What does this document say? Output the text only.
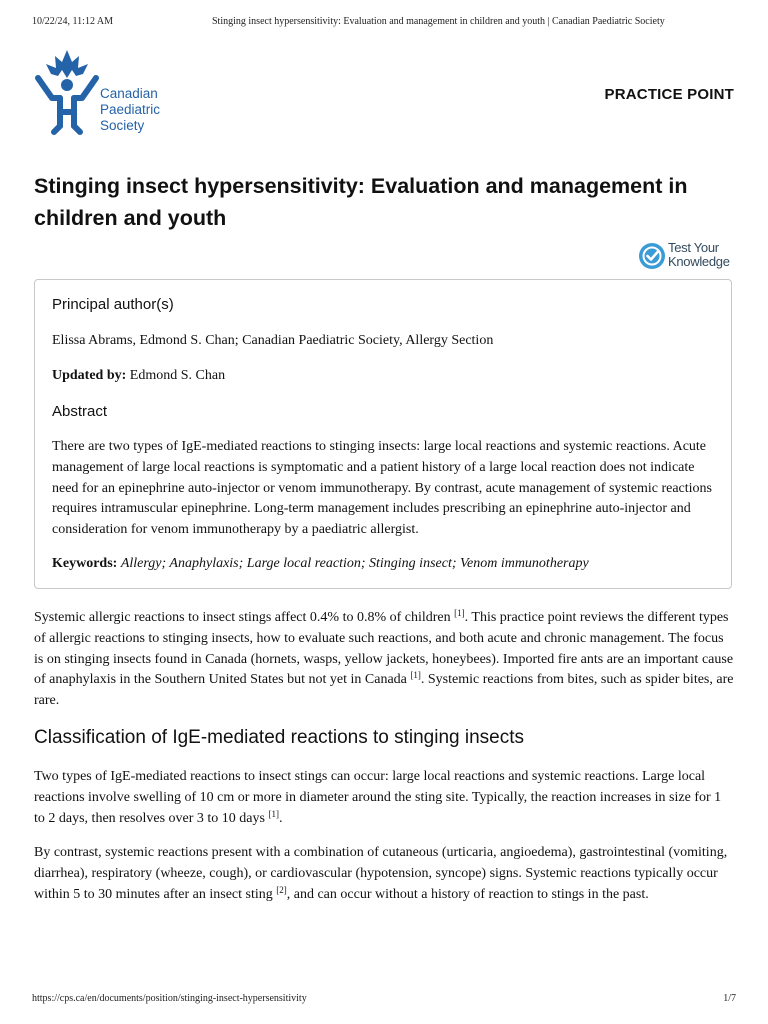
10/22/24, 11:12 AM	Stinging insect hypersensitivity: Evaluation and management in children and youth | Canadian Paediatric Society
Canadian
Paediatric
Society
PRACTICE POINT
Stinging insect hypersensitivity: Evaluation and management in children and youth
Test Your
Knowledge
Principal author(s)
Elissa Abrams, Edmond S. Chan; Canadian Paediatric Society, Allergy Section
Updated by: Edmond S. Chan
Abstract
There are two types of IgE-mediated reactions to stinging insects: large local reactions and systemic reactions. Acute management of large local reactions is symptomatic and a patient history of a large local reaction does not indicate need for an epinephrine auto-injector or venom immunotherapy. By contrast, acute management of systemic reactions requires intramuscular epinephrine. Long-term management includes prescribing an epinephrine auto-injector and consideration for venom immunotherapy by a paediatric allergist.
Keywords: Allergy; Anaphylaxis; Large local reaction; Stinging insect; Venom immunotherapy

Systemic allergic reactions to insect stings affect 0.4% to 0.8% of children [1]. This practice point reviews the different types of allergic reactions to stinging insects, how to evaluate such reactions, and both acute and chronic management. The focus is on stinging insects found in Canada (hornets, wasps, yellow jackets, honeybees). Imported fire ants are an important cause of anaphylaxis in the Southern United States but not yet in Canada [1]. Systemic reactions from bites, such as spider bites, are rare.

Classification of IgE-mediated reactions to stinging insects

Two types of IgE-mediated reactions to insect stings can occur: large local reactions and systemic reactions. Large local reactions involve swelling of 10 cm or more in diameter around the sting site. Typically, the reaction increases in size for 1 to 2 days, then resolves over 3 to 10 days [1].

By contrast, systemic reactions present with a combination of cutaneous (urticaria, angioedema), gastrointestinal (vomiting, diarrhea), respiratory (wheeze, cough), or cardiovascular (hypotension, syncope) signs. Systemic reactions typically occur within 5 to 30 minutes after an insect sting [2], and can occur without a history of reaction to stings in the past.

https://cps.ca/en/documents/position/stinging-insect-hypersensitivity	1/7
